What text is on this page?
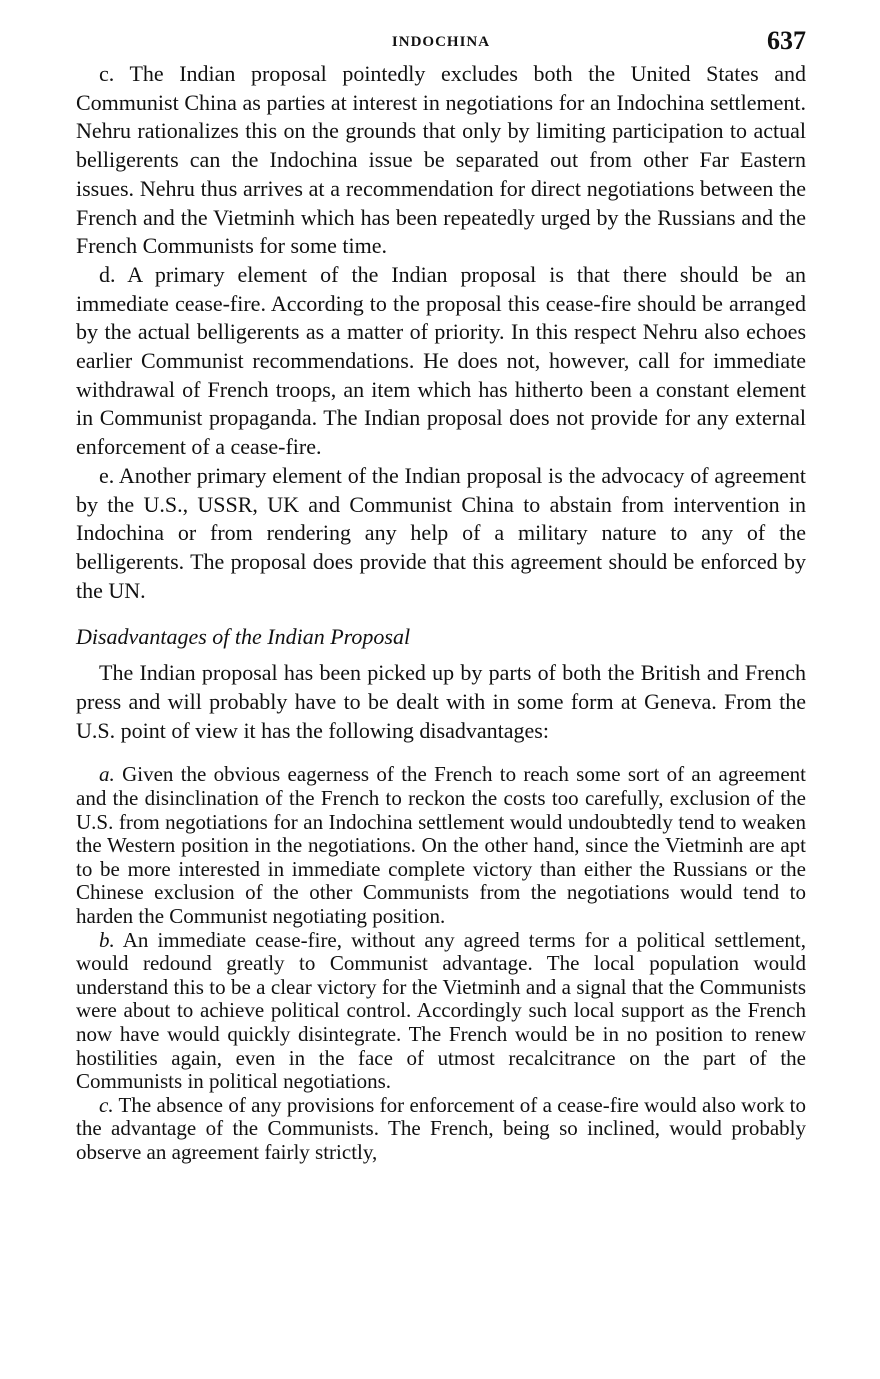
INDOCHINA	637

c. The Indian proposal pointedly excludes both the United States and Communist China as parties at interest in negotiations for an Indochina settlement. Nehru rationalizes this on the grounds that only by limiting participation to actual belligerents can the Indochina issue be separated out from other Far Eastern issues. Nehru thus arrives at a recommendation for direct negotiations between the French and the Vietminh which has been repeatedly urged by the Russians and the French Communists for some time.

d. A primary element of the Indian proposal is that there should be an immediate cease-fire. According to the proposal this cease-fire should be arranged by the actual belligerents as a matter of priority. In this respect Nehru also echoes earlier Communist recommendations. He does not, however, call for immediate withdrawal of French troops, an item which has hitherto been a constant element in Communist propaganda. The Indian proposal does not provide for any external enforcement of a cease-fire.

e. Another primary element of the Indian proposal is the advocacy of agreement by the U.S., USSR, UK and Communist China to abstain from intervention in Indochina or from rendering any help of a military nature to any of the belligerents. The proposal does provide that this agreement should be enforced by the UN.

Disadvantages of the Indian Proposal

The Indian proposal has been picked up by parts of both the British and French press and will probably have to be dealt with in some form at Geneva. From the U.S. point of view it has the following disadvantages:

a. Given the obvious eagerness of the French to reach some sort of an agreement and the disinclination of the French to reckon the costs too carefully, exclusion of the U.S. from negotiations for an Indochina settlement would undoubtedly tend to weaken the Western position in the negotiations. On the other hand, since the Vietminh are apt to be more interested in immediate complete victory than either the Russians or the Chinese exclusion of the other Communists from the negotiations would tend to harden the Communist negotiating position.

b. An immediate cease-fire, without any agreed terms for a political settlement, would redound greatly to Communist advantage. The local population would understand this to be a clear victory for the Vietminh and a signal that the Communists were about to achieve political control. Accordingly such local support as the French now have would quickly disintegrate. The French would be in no position to renew hostilities again, even in the face of utmost recalcitrance on the part of the Communists in political negotiations.

c. The absence of any provisions for enforcement of a cease-fire would also work to the advantage of the Communists. The French, being so inclined, would probably observe an agreement fairly strictly,
